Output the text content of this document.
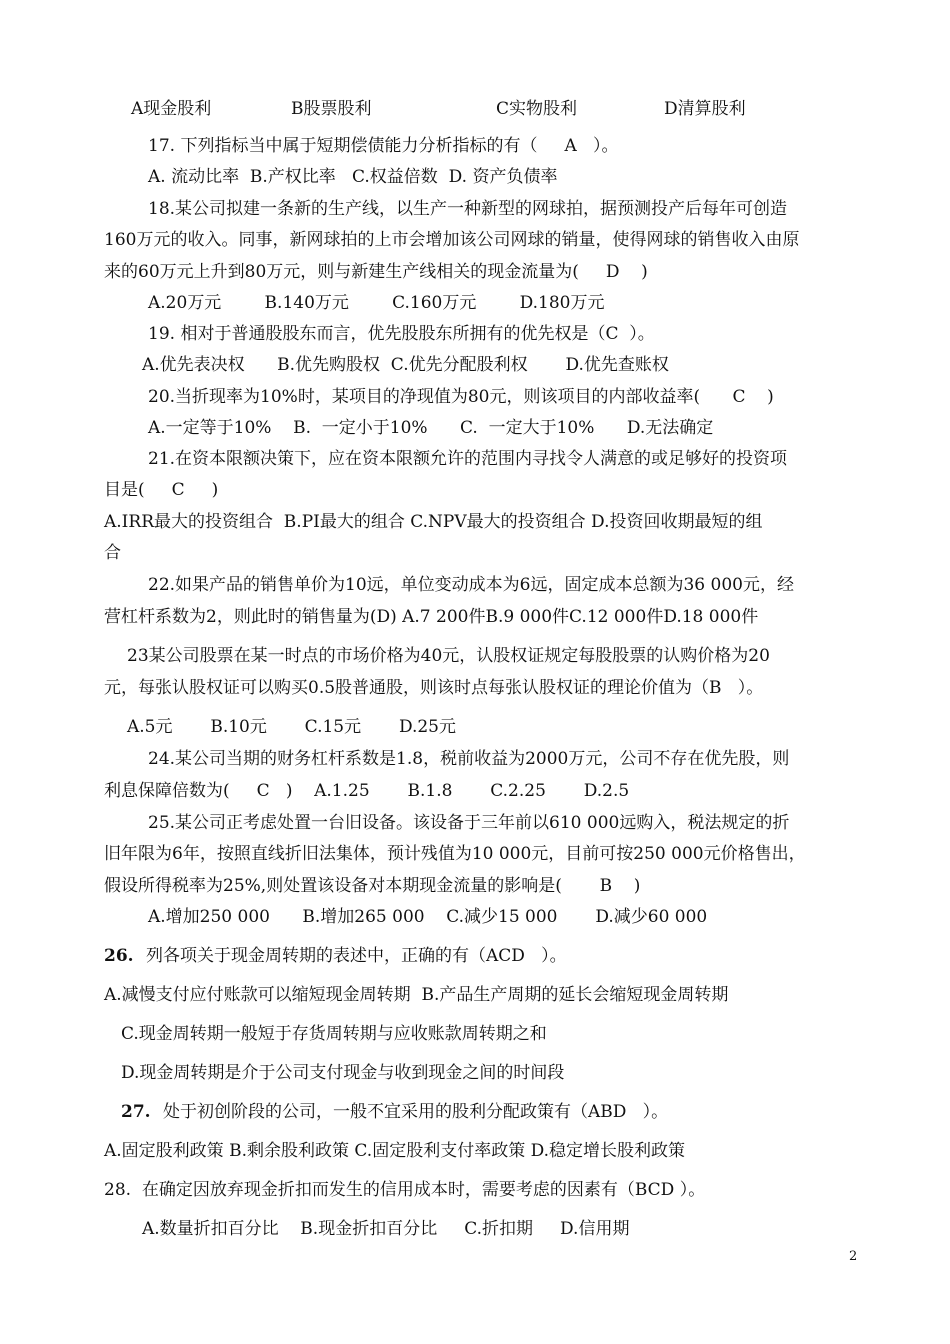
A现金股利	B股票股利	C实物股利	D清算股利
17. 下列指标当中属于短期偿债能力分析指标的有（     A   ）。
A. 流动比率  B.产权比率   C.权益倍数  D. 资产负债率
18.某公司拟建一条新的生产线，以生产一种新型的网球拍，据预测投产后每年可创造
160万元的收入。同事，新网球拍的上市会增加该公司网球的销量，使得网球的销售收入由原
来的60万元上升到80万元，则与新建生产线相关的现金流量为(     D    )
A.20万元        B.140万元        C.160万元        D.180万元
19. 相对于普通股股东而言，优先股股东所拥有的优先权是（C  ）。
A.优先表决权      B.优先购股权  C.优先分配股利权       D.优先查账权
20.当折现率为10%时，某项目的净现值为80元，则该项目的内部收益率(      C    )
A.一定等于10%    B.  一定小于10%      C.  一定大于10%      D.无法确定
21.在资本限额决策下，应在资本限额允许的范围内寻找令人满意的或足够好的投资项
目是(     C     )
A.IRR最大的投资组合  B.PI最大的组合 C.NPV最大的投资组合 D.投资回收期最短的组
合
22.如果产品的销售单价为10远，单位变动成本为6远，固定成本总额为36 000元，经
营杠杆系数为2，则此时的销售量为(D) A.7 200件B.9 000件C.12 000件D.18 000件
23某公司股票在某一时点的市场价格为40元，认股权证规定每股股票的认购价格为20
元，每张认股权证可以购买0.5股普通股，则该时点每张认股权证的理论价值为（B   ）。
A.5元       B.10元       C.15元       D.25元
24.某公司当期的财务杠杆系数是1.8，税前收益为2000万元，公司不存在优先股，则
利息保障倍数为(     C   )    A.1.25       B.1.8       C.2.25       D.2.5
25.某公司正考虑处置一台旧设备。该设备于三年前以610 000远购入，税法规定的折
旧年限为6年，按照直线折旧法集体，预计残值为10 000元，目前可按250 000元价格售出，
假设所得税率为25%,则处置该设备对本期现金流量的影响是(       B    )
A.增加250 000      B.增加265 000    C.减少15 000       D.减少60 000
26. 列各项关于现金周转期的表述中，正确的有（ACD   ）。
A.减慢支付应付账款可以缩短现金周转期  B.产品生产周期的延长会缩短现金周转期
C.现金周转期一般短于存货周转期与应收账款周转期之和
D.现金周转期是介于公司支付现金与收到现金之间的时间段
27. 处于初创阶段的公司，一般不宜采用的股利分配政策有（ABD   ）。
A.固定股利政策 B.剩余股利政策 C.固定股利支付率政策 D.稳定增长股利政策
28.  在确定因放弃现金折扣而发生的信用成本时，需要考虑的因素有（BCD ）。
A.数量折扣百分比    B.现金折扣百分比     C.折扣期     D.信用期
2
